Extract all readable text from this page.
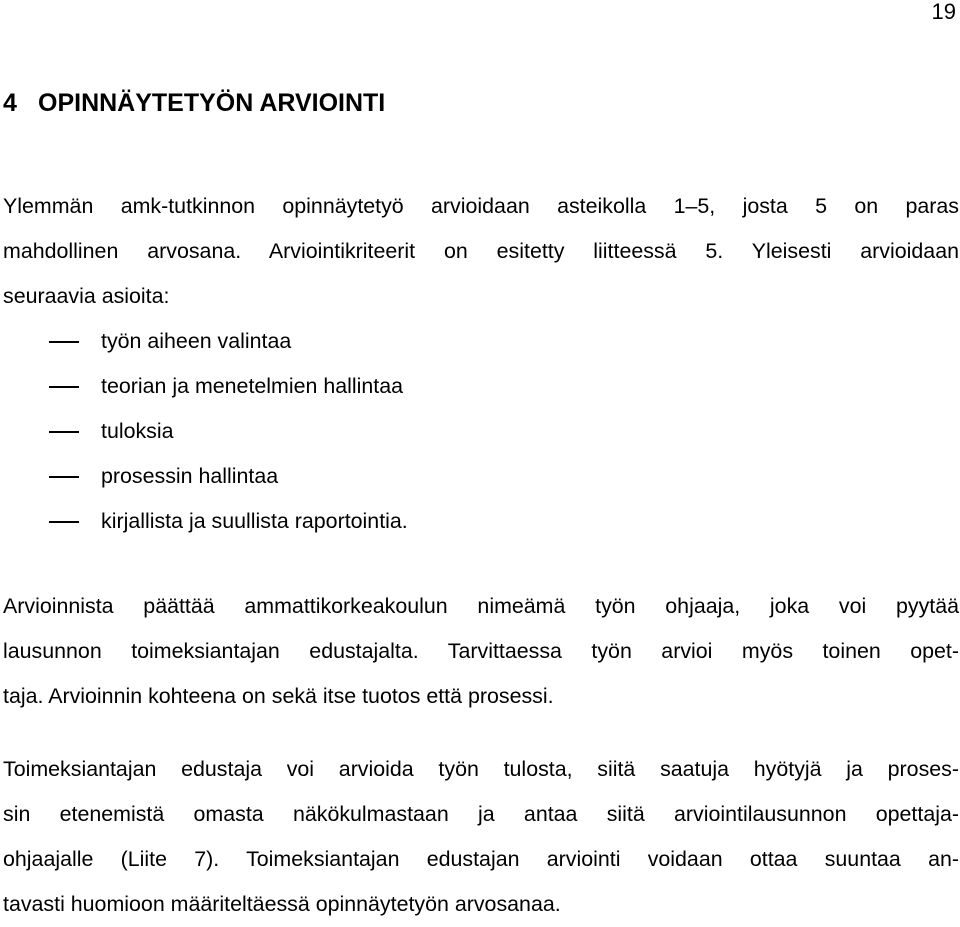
19
4 OPINNÄYTETYÖN ARVIOINTI

Ylemmän amk-tutkinnon opinnäytetyö arvioidaan asteikolla 1–5, josta 5 on paras
mahdollinen arvosana. Arviointikriteerit on esitetty liitteessä 5. Yleisesti arvioidaan
seuraavia asioita:

työn aiheen valintaa
teorian ja menetelmien hallintaa
tuloksia
prosessin hallintaa
kirjallista ja suullista raportointia.

Arvioinnista päättää ammattikorkeakoulun nimeämä työn ohjaaja, joka voi pyytää
lausunnon toimeksiantajan edustajalta. Tarvittaessa työn arvioi myös toinen opet-
taja. Arvioinnin kohteena on sekä itse tuotos että prosessi.

Toimeksiantajan edustaja voi arvioida työn tulosta, siitä saatuja hyötyjä ja proses-
sin etenemistä omasta näkökulmastaan ja antaa siitä arviointilausunnon opettaja-
ohjaajalle (Liite 7). Toimeksiantajan edustajan arviointi voidaan ottaa suuntaa an-
tavasti huomioon määriteltäessä opinnäytetyön arvosanaa.
